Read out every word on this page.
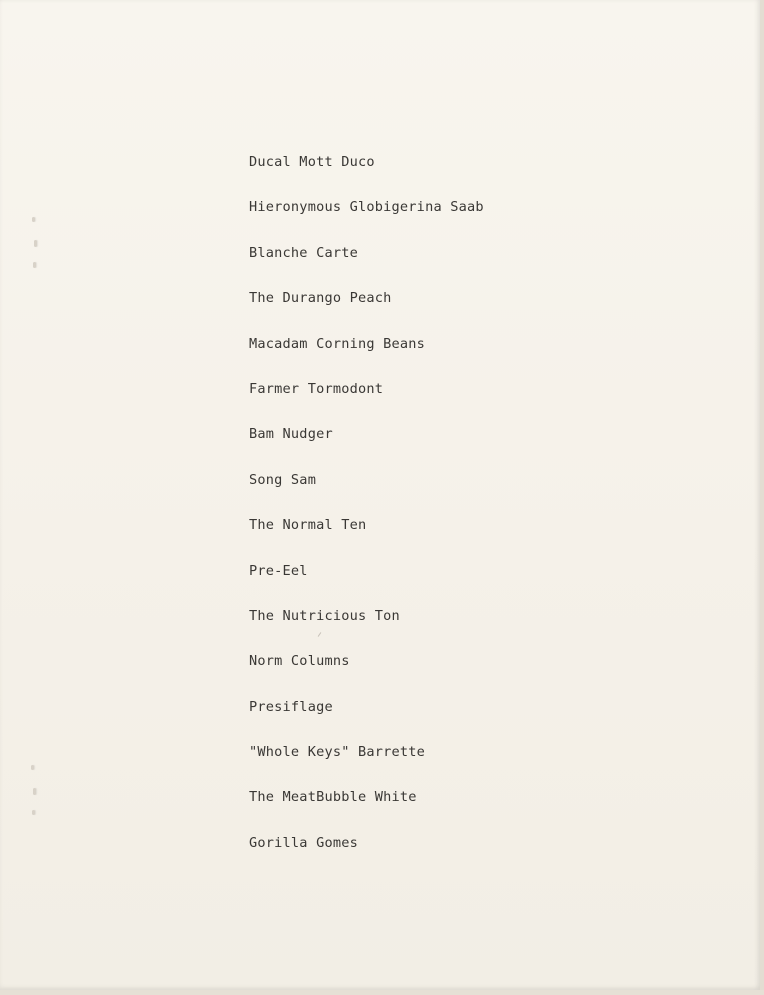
Ducal Mott Duco
Hieronymous Globigerina Saab
Blanche Carte
The Durango Peach
Macadam Corning Beans
Farmer Tormodont
Bam Nudger
Song Sam
The Normal Ten
Pre-Eel
The Nutricious Ton
Norm Columns
Presiflage
"Whole Keys" Barrette
The MeatBubble White
Gorilla Gomes
